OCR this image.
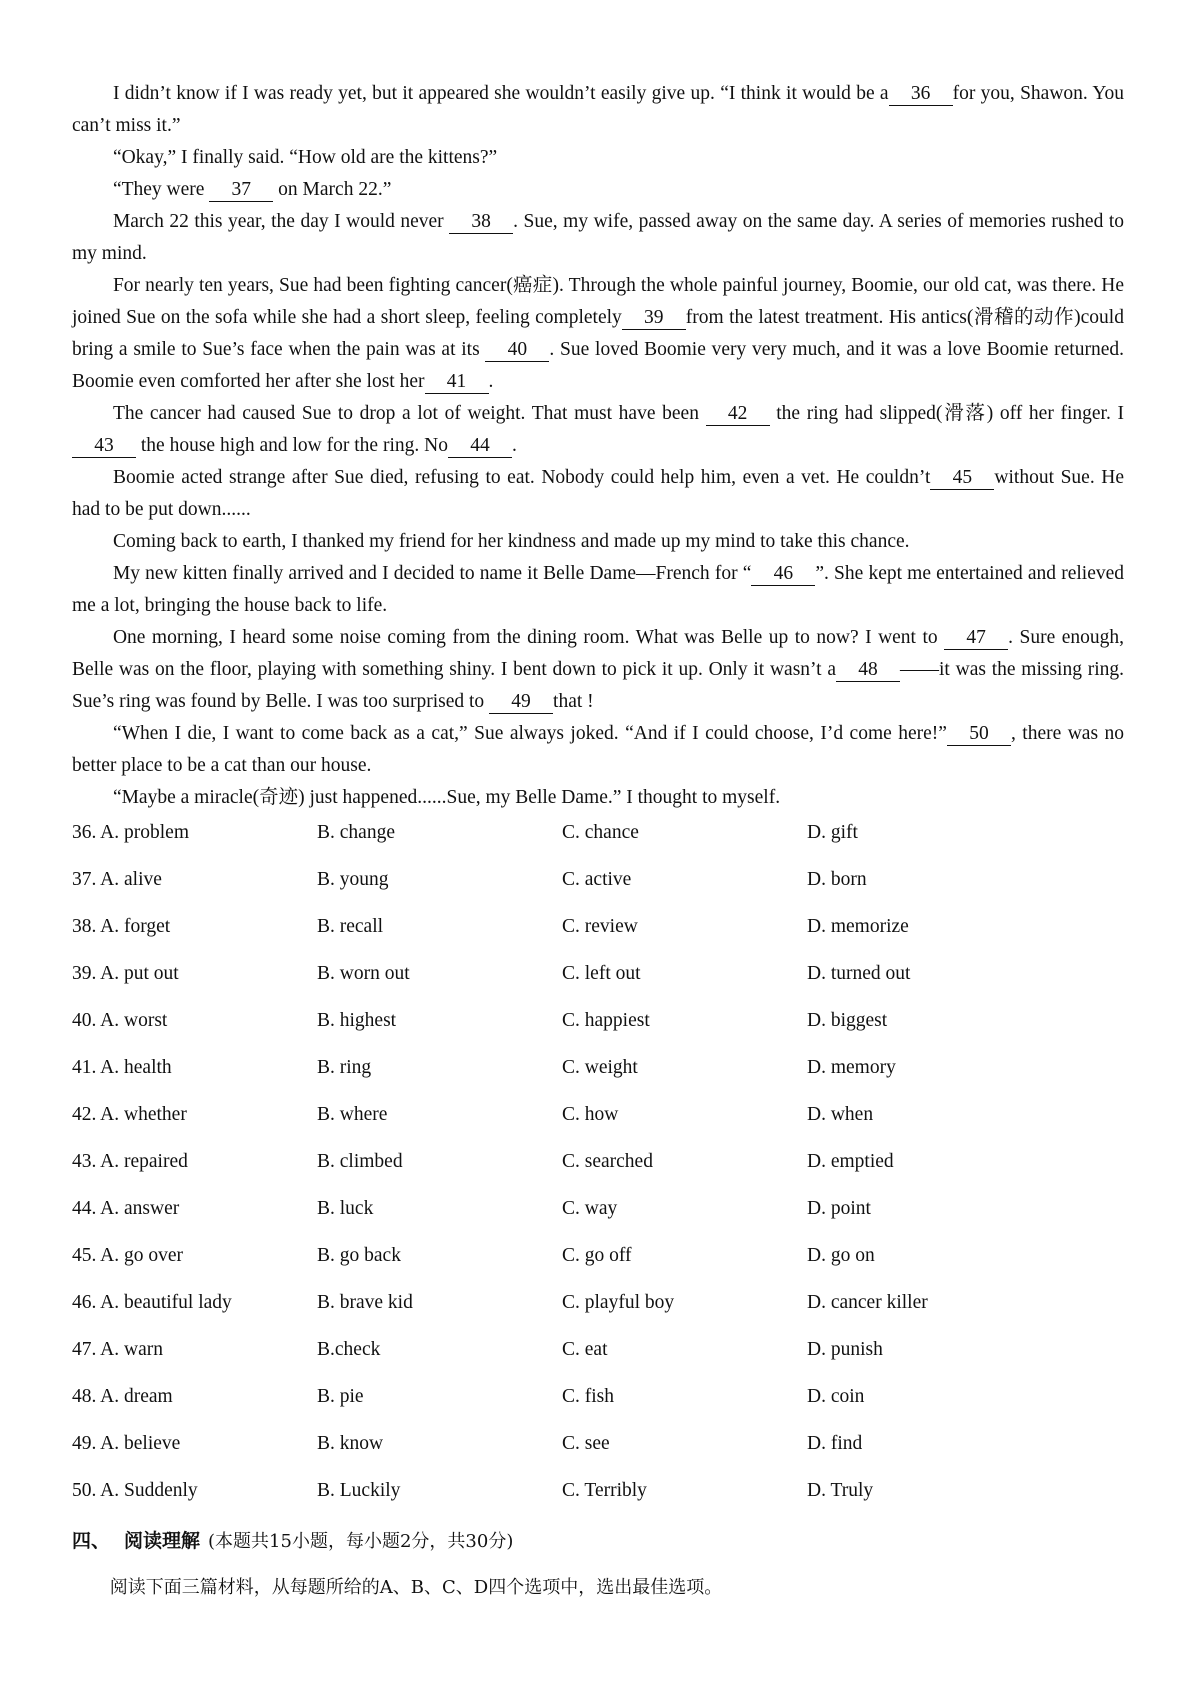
I didn’t know if I was ready yet, but it appeared she wouldn’t easily give up. “I think it would be a 36 for you, Shawon. You can’t miss it.”

“Okay,” I finally said. “How old are the kittens?”

“They were 37 on March 22.”

March 22 this year, the day I would never 38 . Sue, my wife, passed away on the same day. A series of memories rushed to my mind.

For nearly ten years, Sue had been fighting cancer(癌症). Through the whole painful journey, Boomie, our old cat, was there. He joined Sue on the sofa while she had a short sleep, feeling completely 39 from the latest treatment. His antics(滑稽的动作)could bring a smile to Sue’s face when the pain was at its 40 . Sue loved Boomie very very much, and it was a love Boomie returned. Boomie even comforted her after she lost her 41 .

The cancer had caused Sue to drop a lot of weight. That must have been 42 the ring had slipped(滑落) off her finger. I 43 the house high and low for the ring. No 44 .

Boomie acted strange after Sue died, refusing to eat. Nobody could help him, even a vet. He couldn’t 45 without Sue. He had to be put down......

Coming back to earth, I thanked my friend for her kindness and made up my mind to take this chance.

My new kitten finally arrived and I decided to name it Belle Dame—French for “ 46 ”. She kept me entertained and relieved me a lot, bringing the house back to life.

One morning, I heard some noise coming from the dining room. What was Belle up to now? I went to 47 . Sure enough, Belle was on the floor, playing with something shiny. I bent down to pick it up. Only it wasn’t a 48 ——it was the missing ring. Sue’s ring was found by Belle. I was too surprised to 49 that !

“When I die, I want to come back as a cat,” Sue always joked. “And if I could choose, I’d come here!” 50 , there was no better place to be a cat than our house.

“Maybe a miracle(奇迹) just happened......Sue, my Belle Dame.” I thought to myself.

36. A. problem	B. change	C. chance	D. gift
37. A. alive	B. young	C. active	D. born
38. A. forget	B. recall	C. review	D. memorize
39. A. put out	B. worn out	C. left out	D. turned out
40. A. worst	B. highest	C. happiest	D. biggest
41. A. health	B. ring	C. weight	D. memory
42. A. whether	B. where	C. how	D. when
43. A. repaired	B. climbed	C. searched	D. emptied
44. A. answer	B. luck	C. way	D. point
45. A. go over	B. go back	C. go off	D. go on
46. A. beautiful lady	B. brave kid	C. playful boy	D. cancer killer
47. A. warn	B.check	C. eat	D. punish
48. A. dream	B. pie	C. fish	D. coin
49. A. believe	B. know	C. see	D. find
50. A. Suddenly	B. Luckily	C. Terribly	D. Truly
四、 阅读理解 (本题共15小题，每小题2分，共30分)
阅读下面三篇材料，从每题所给的A、B、C、D四个选项中，选出最佳选项。
